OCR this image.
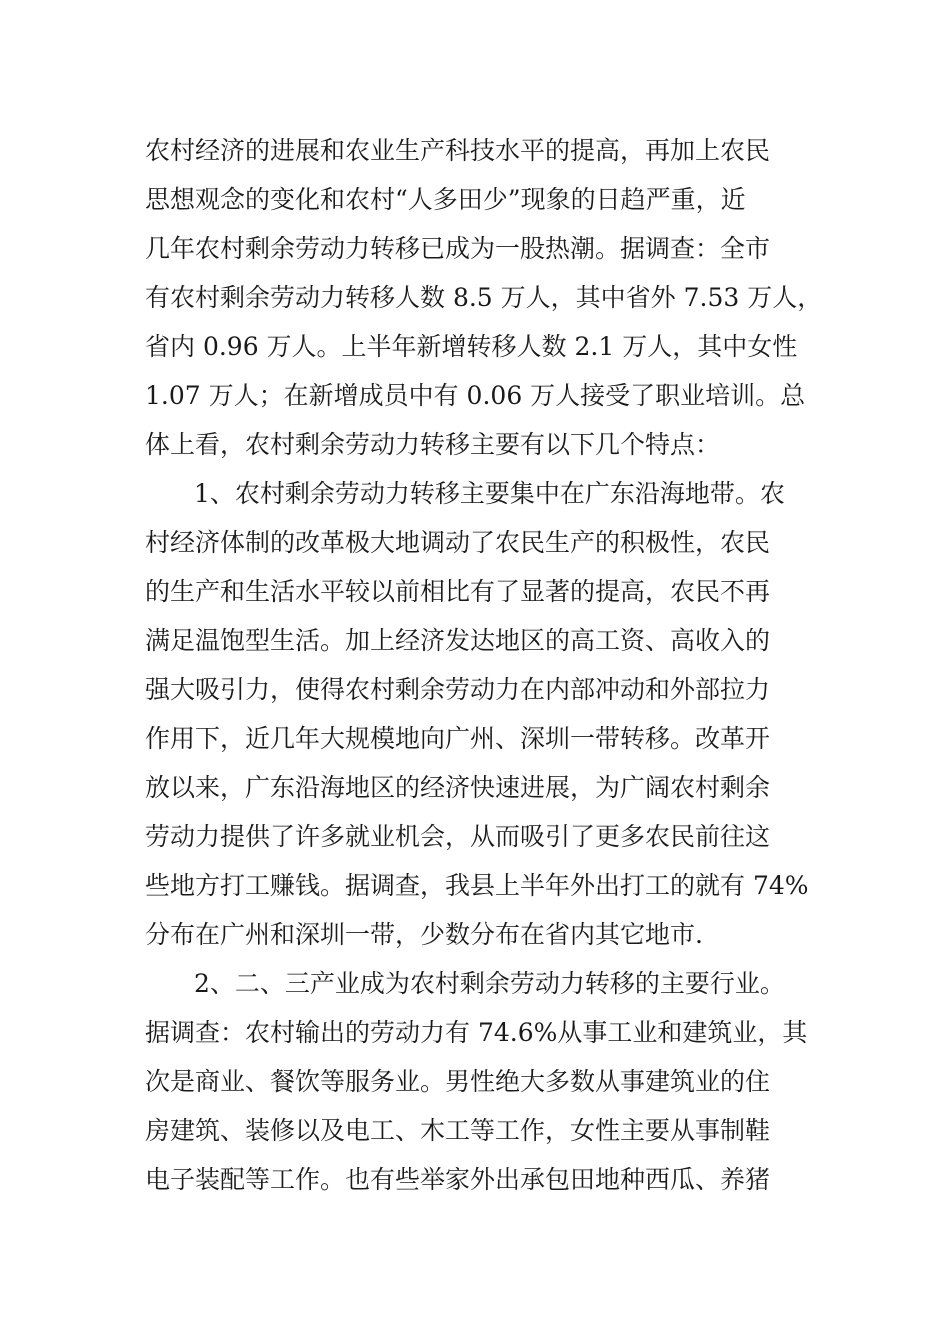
农村经济的进展和农业生产科技水平的提高，再加上农民

思想观念的变化和农村“人多田少”现象的日趋严重，近

几年农村剩余劳动力转移已成为一股热潮。据调查：全市

有农村剩余劳动力转移人数 8.5 万人，其中省外 7.53 万人，

省内 0.96 万人。上半年新增转移人数 2.1 万人，其中女性

1.07 万人；在新增成员中有 0.06 万人接受了职业培训。总

体上看，农村剩余劳动力转移主要有以下几个特点：

1、农村剩余劳动力转移主要集中在广东沿海地带。农

村经济体制的改革极大地调动了农民生产的积极性，农民

的生产和生活水平较以前相比有了显著的提高，农民不再

满足温饱型生活。加上经济发达地区的高工资、高收入的

强大吸引力，使得农村剩余劳动力在内部冲动和外部拉力

作用下，近几年大规模地向广州、深圳一带转移。改革开

放以来，广东沿海地区的经济快速进展，为广阔农村剩余

劳动力提供了许多就业机会，从而吸引了更多农民前往这

些地方打工赚钱。据调查，我县上半年外出打工的就有 74%

分布在广州和深圳一带，少数分布在省内其它地市.

2、二、三产业成为农村剩余劳动力转移的主要行业。

据调查：农村输出的劳动力有 74.6%从事工业和建筑业，其

次是商业、餐饮等服务业。男性绝大多数从事建筑业的住

房建筑、装修以及电工、木工等工作，女性主要从事制鞋

电子装配等工作。也有些举家外出承包田地种西瓜、养猪
